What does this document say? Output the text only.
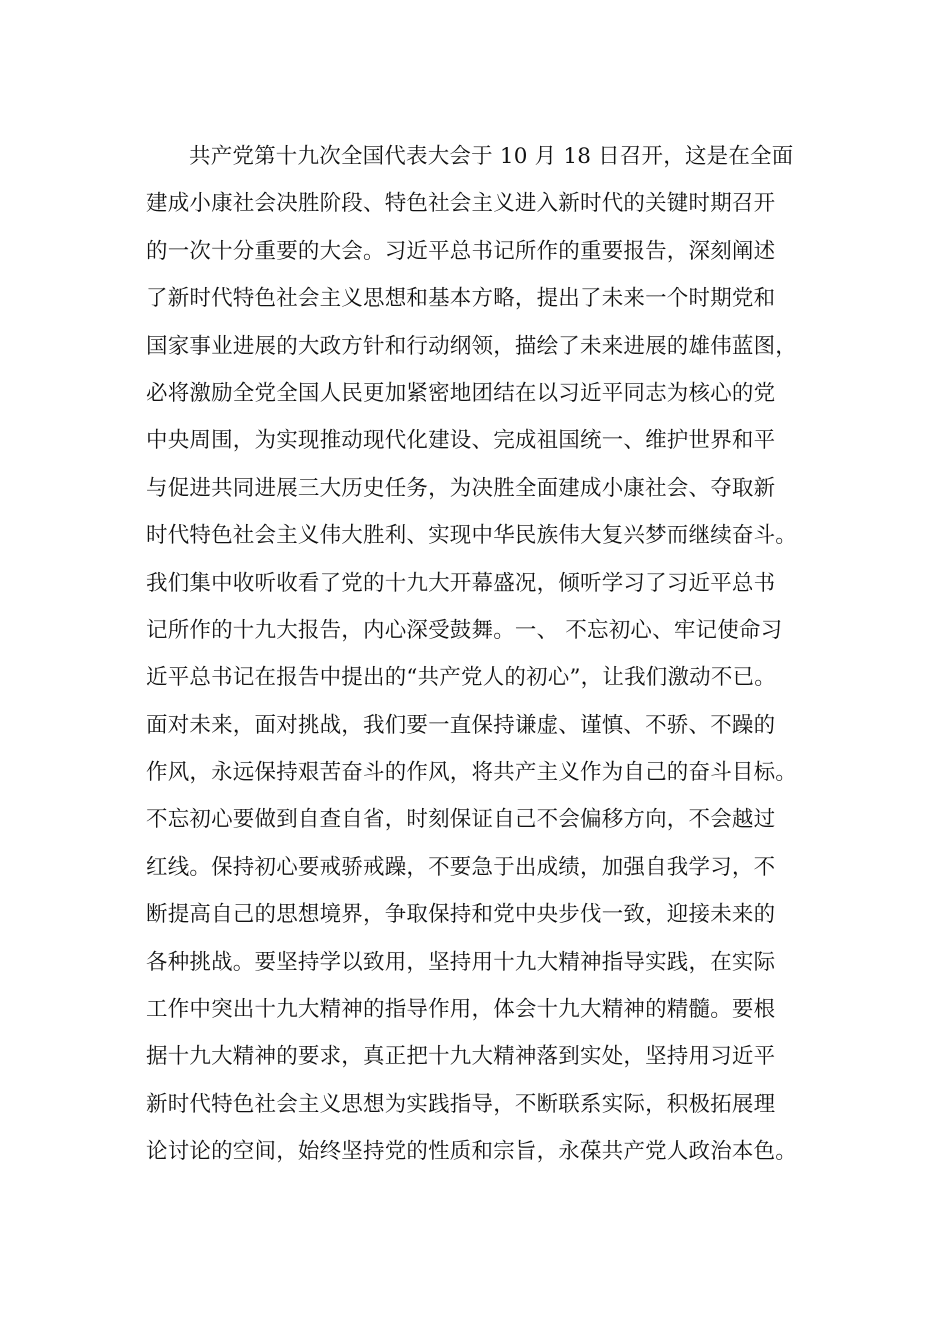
共产党第十九次全国代表大会于 10 月 18 日召开，这是在全面
建成小康社会决胜阶段、特色社会主义进入新时代的关键时期召开
的一次十分重要的大会。习近平总书记所作的重要报告，深刻阐述
了新时代特色社会主义思想和基本方略，提出了未来一个时期党和
国家事业进展的大政方针和行动纲领，描绘了未来进展的雄伟蓝图，
必将激励全党全国人民更加紧密地团结在以习近平同志为核心的党
中央周围，为实现推动现代化建设、完成祖国统一、维护世界和平
与促进共同进展三大历史任务，为决胜全面建成小康社会、夺取新
时代特色社会主义伟大胜利、实现中华民族伟大复兴梦而继续奋斗。
我们集中收听收看了党的十九大开幕盛况，倾听学习了习近平总书
记所作的十九大报告，内心深受鼓舞。一、 不忘初心、牢记使命习
近平总书记在报告中提出的“共产党人的初心”，让我们激动不已。
面对未来，面对挑战，我们要一直保持谦虚、谨慎、不骄、不躁的
作风，永远保持艰苦奋斗的作风，将共产主义作为自己的奋斗目标。
不忘初心要做到自查自省，时刻保证自己不会偏移方向，不会越过
红线。保持初心要戒骄戒躁，不要急于出成绩，加强自我学习，不
断提高自己的思想境界，争取保持和党中央步伐一致，迎接未来的
各种挑战。要坚持学以致用，坚持用十九大精神指导实践，在实际
工作中突出十九大精神的指导作用，体会十九大精神的精髓。要根
据十九大精神的要求，真正把十九大精神落到实处，坚持用习近平
新时代特色社会主义思想为实践指导，不断联系实际，积极拓展理
论讨论的空间，始终坚持党的性质和宗旨，永葆共产党人政治本色。
